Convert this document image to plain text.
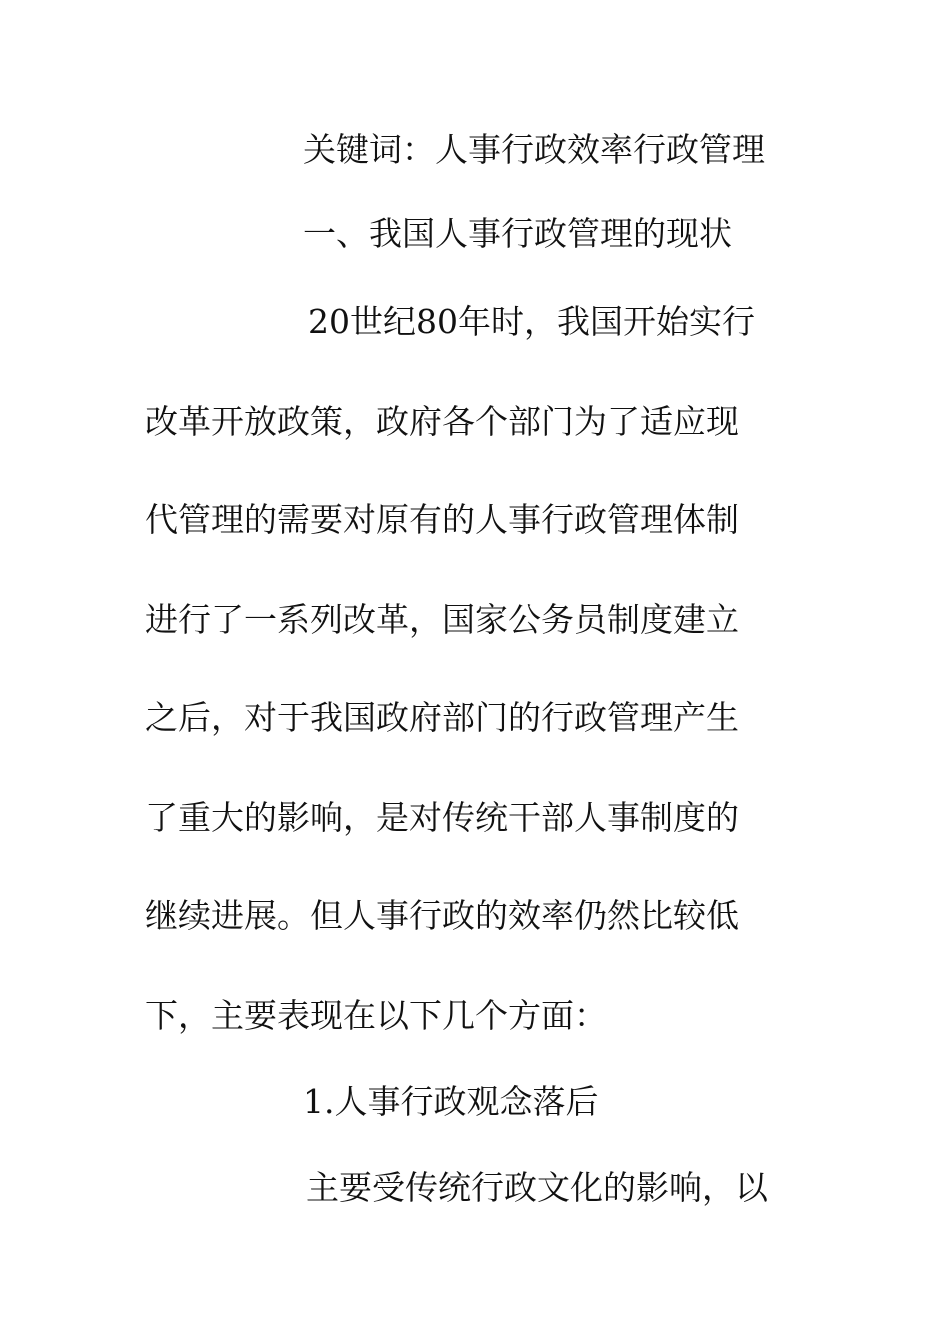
关键词：人事行政效率行政管理
一、我国人事行政管理的现状
20世纪80年时，我国开始实行
改革开放政策，政府各个部门为了适应现
代管理的需要对原有的人事行政管理体制
进行了一系列改革，国家公务员制度建立
之后，对于我国政府部门的行政管理产生
了重大的影响，是对传统干部人事制度的
继续进展。但人事行政的效率仍然比较低
下，主要表现在以下几个方面：
1.人事行政观念落后
主要受传统行政文化的影响，以
